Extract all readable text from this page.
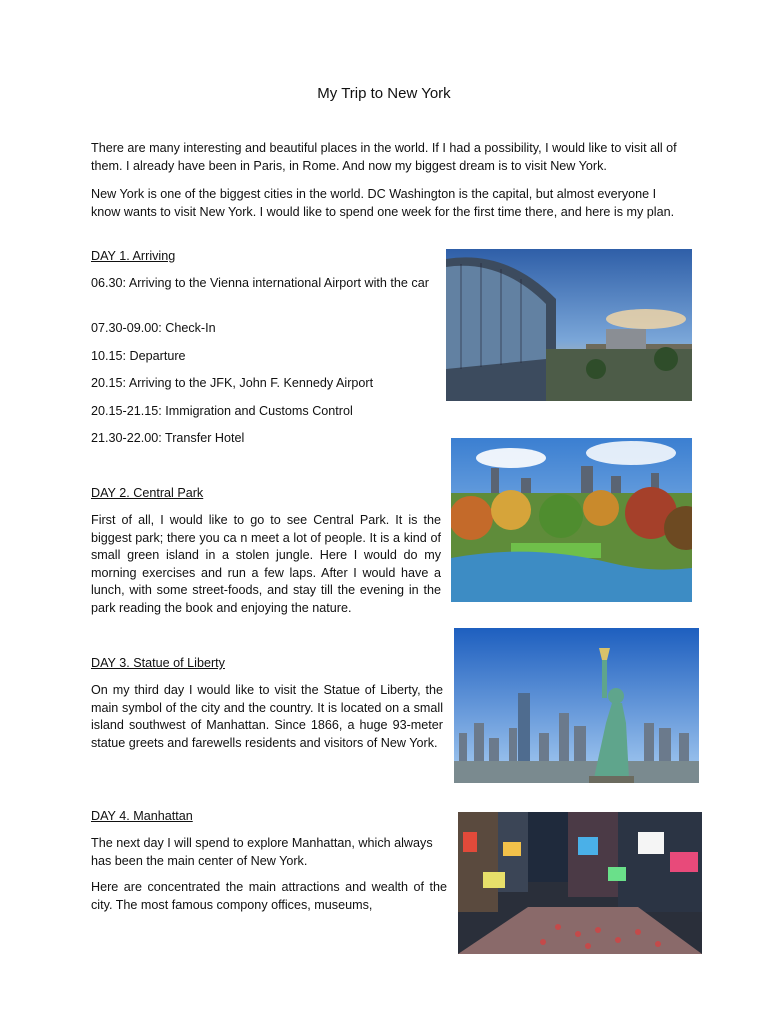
My Trip to New York

There are many interesting and beautiful places in the world. If I had a possibility, I would like to visit all of them. I already have been in Paris, in Rome. And now my biggest dream is to visit New York.

New York is one of the biggest cities in the world. DC Washington is the capital, but almost everyone I know wants to visit New York. I would like to spend one week for the first time there, and here is my plan.

DAY 1. Arriving

06.30: Arriving to the Vienna international Airport with the car

07.30-09.00: Check-In

10.15: Departure

20.15: Arriving to the JFK, John F. Kennedy Airport

20.15-21.15: Immigration and Customs Control

21.30-22.00: Transfer Hotel

DAY 2. Central Park

First of all, I would like to go to see Central Park. It is the biggest park; there you ca n meet a lot of people. It is a kind of small green island in a stolen jungle. Here I would do my morning exercises and run a few laps. After I would have a lunch, with some street-foods, and stay till the evening in the park reading the book and enjoying the nature.

DAY 3. Statue of Liberty

On my third day I would like to visit the Statue of Liberty, the main symbol of the city and the country. It is located on a small island southwest of Manhattan. Since 1866, a huge 93-meter statue greets and farewells residents and visitors of New York.

DAY 4. Manhattan

The next day I will spend to explore Manhattan, which always has been the main center of New York.

Here are concentrated the main attractions and wealth of the city. The most famous compony offices, museums,
